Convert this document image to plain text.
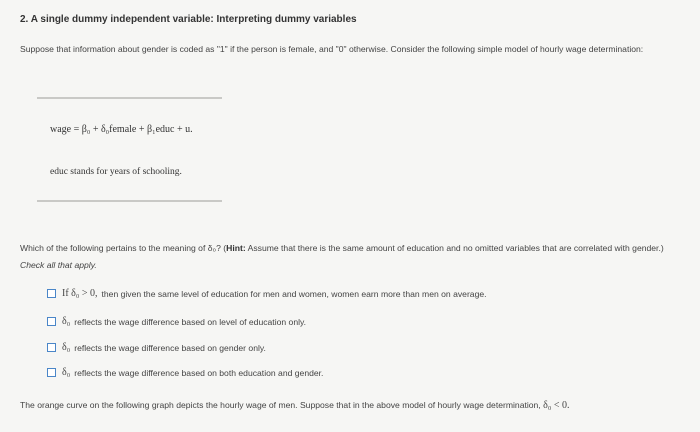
2. A single dummy independent variable: Interpreting dummy variables
Suppose that information about gender is coded as "1" if the person is female, and "0" otherwise. Consider the following simple model of hourly wage determination:
wage = β₀ + δ₀female + β₁educ + u.
educ stands for years of schooling.
Which of the following pertains to the meaning of δ₀? (Hint: Assume that there is the same amount of education and no omitted variables that are correlated with gender.) Check all that apply.
If δ₀ > 0, then given the same level of education for men and women, women earn more than men on average.
δ₀ reflects the wage difference based on level of education only.
δ₀ reflects the wage difference based on gender only.
δ₀ reflects the wage difference based on both education and gender.
The orange curve on the following graph depicts the hourly wage of men. Suppose that in the above model of hourly wage determination, δ₀ < 0.
